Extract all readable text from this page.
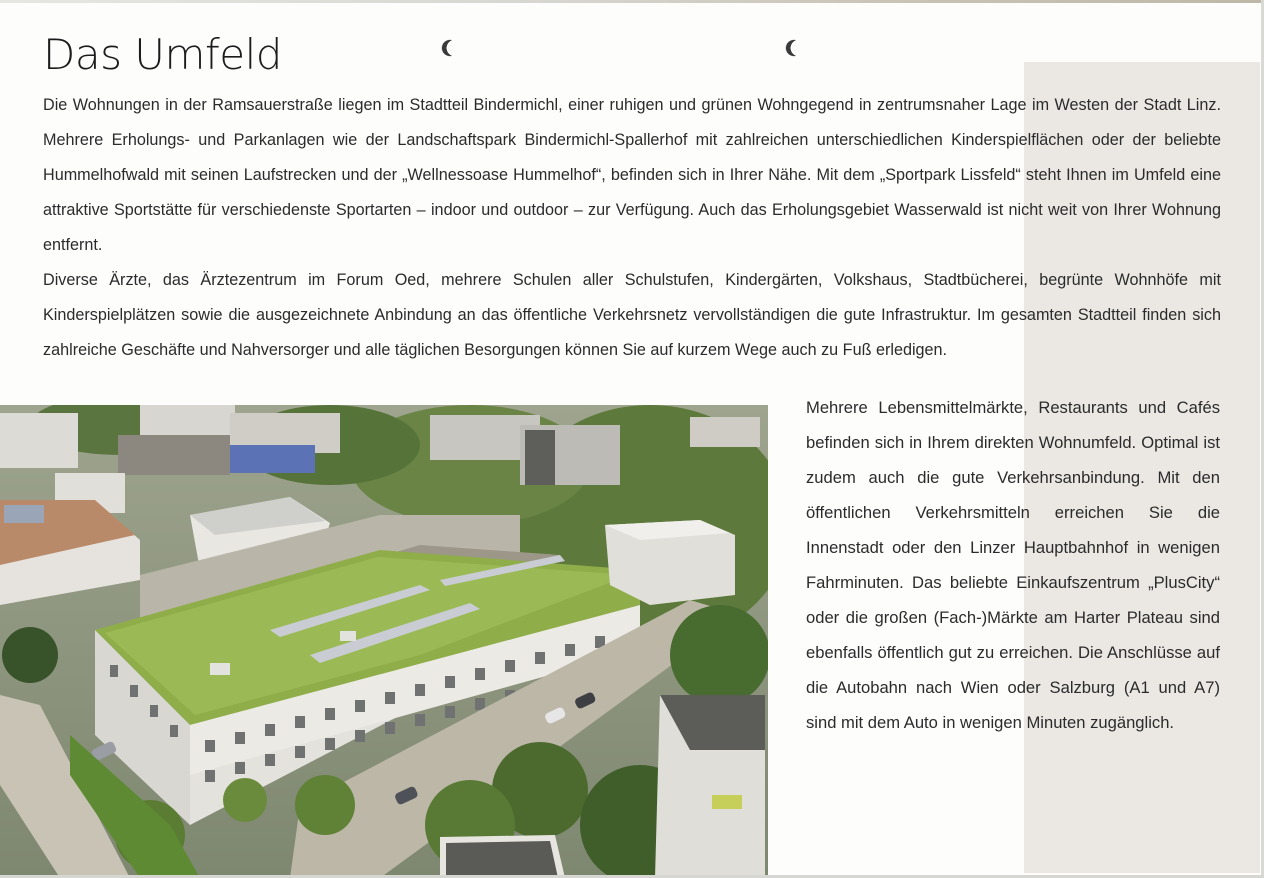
Das Umfeld

Die Wohnungen in der Ramsauerstraße liegen im Stadtteil Bindermichl, einer ruhigen und grünen Wohngegend in zentrumsnaher Lage im Westen der Stadt Linz. Mehrere Erholungs- und Parkanlagen wie der Landschaftspark Bindermichl-Spallerhof mit zahlreichen unterschiedlichen Kinderspielflächen oder der beliebte Hummelhofwald mit seinen Laufstrecken und der „Wellnessoase Hummelhof“, befinden sich in Ihrer Nähe. Mit dem „Sportpark Lissfeld“ steht Ihnen im Umfeld eine attraktive Sportstätte für verschiedenste Sportarten – indoor und outdoor – zur Verfügung. Auch das Erholungsgebiet Wasserwald ist nicht weit von Ihrer Wohnung entfernt.

Diverse Ärzte, das Ärztezentrum im Forum Oed, mehrere Schulen aller Schulstufen, Kindergärten, Volkshaus, Stadtbücherei, begrünte Wohnhöfe mit Kinderspielplätzen sowie die ausgezeichnete Anbindung an das öffentliche Verkehrsnetz vervollständigen die gute Infrastruktur. Im gesamten Stadtteil finden sich zahlreiche Geschäfte und Nahversorger und alle täglichen Besorgungen können Sie auf kurzem Wege auch zu Fuß erledigen.

Mehrere Lebensmittelmärkte, Restaurants und Cafés befinden sich in Ihrem direkten Wohnumfeld. Optimal ist zudem auch die gute Verkehrsanbindung. Mit den öffentlichen Verkehrsmitteln erreichen Sie die Innenstadt oder den Linzer Hauptbahnhof in wenigen Fahrminuten. Das beliebte Einkaufszentrum „PlusCity“ oder die großen (Fach-)Märkte am Harter Plateau sind ebenfalls öffentlich gut zu erreichen. Die Anschlüsse auf die Autobahn nach Wien oder Salzburg (A1 und A7) sind mit dem Auto in wenigen Minuten zugänglich.
